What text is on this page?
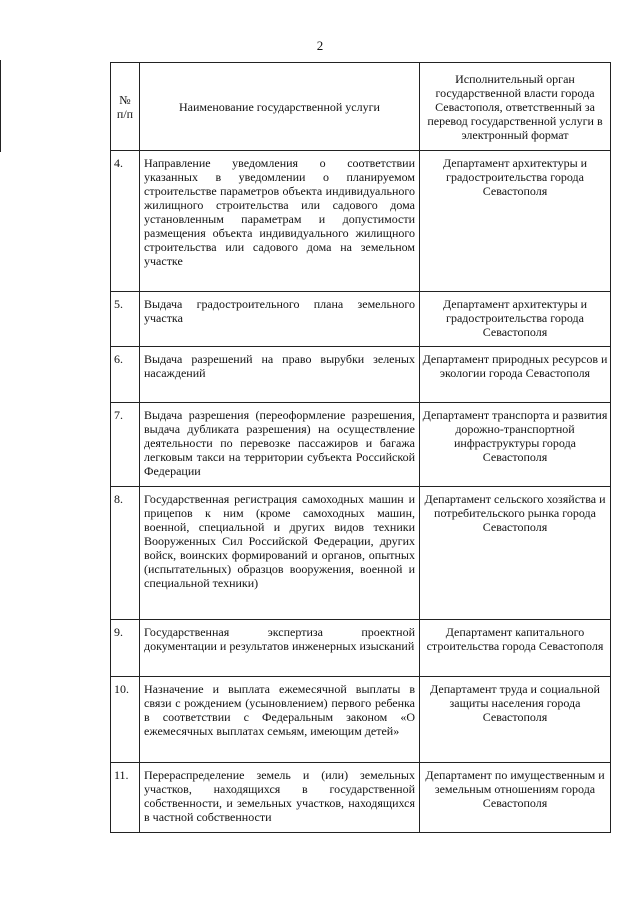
2
№ п/п	Наименование государственной услуги	Исполнительный орган государственной власти города Севастополя, ответственный за перевод государственной услуги в электронный формат
4.	Направление уведомления о соответствии указанных в уведомлении о планируемом строительстве параметров объекта индивидуального жилищного строительства или садового дома установленным параметрам и допустимости размещения объекта индивидуального жилищного строительства или садового дома на земельном участке	Департамент архитектуры и градостроительства города Севастополя
5.	Выдача градостроительного плана земельного участка	Департамент архитектуры и градостроительства города Севастополя
6.	Выдача разрешений на право вырубки зеленых насаждений	Департамент природных ресурсов и экологии города Севастополя
7.	Выдача разрешения (переоформление разрешения, выдача дубликата разрешения) на осуществление деятельности по перевозке пассажиров и багажа легковым такси на территории субъекта Российской Федерации	Департамент транспорта и развития дорожно-транспортной инфраструктуры города Севастополя
8.	Государственная регистрация самоходных машин и прицепов к ним (кроме самоходных машин, военной, специальной и других видов техники Вооруженных Сил Российской Федерации, других войск, воинских формирований и органов, опытных (испытательных) образцов вооружения, военной и специальной техники)	Департамент сельского хозяйства и потребительского рынка города Севастополя
9.	Государственная экспертиза проектной документации и результатов инженерных изысканий	Департамент капитального строительства города Севастополя
10.	Назначение и выплата ежемесячной выплаты в связи с рождением (усыновлением) первого ребенка в соответствии с Федеральным законом «О ежемесячных выплатах семьям, имеющим детей»	Департамент труда и социальной защиты населения города Севастополя
11.	Перераспределение земель и (или) земельных участков, находящихся в государственной собственности, и земельных участков, находящихся в частной собственности	Департамент по имущественным и земельным отношениям города Севастополя
